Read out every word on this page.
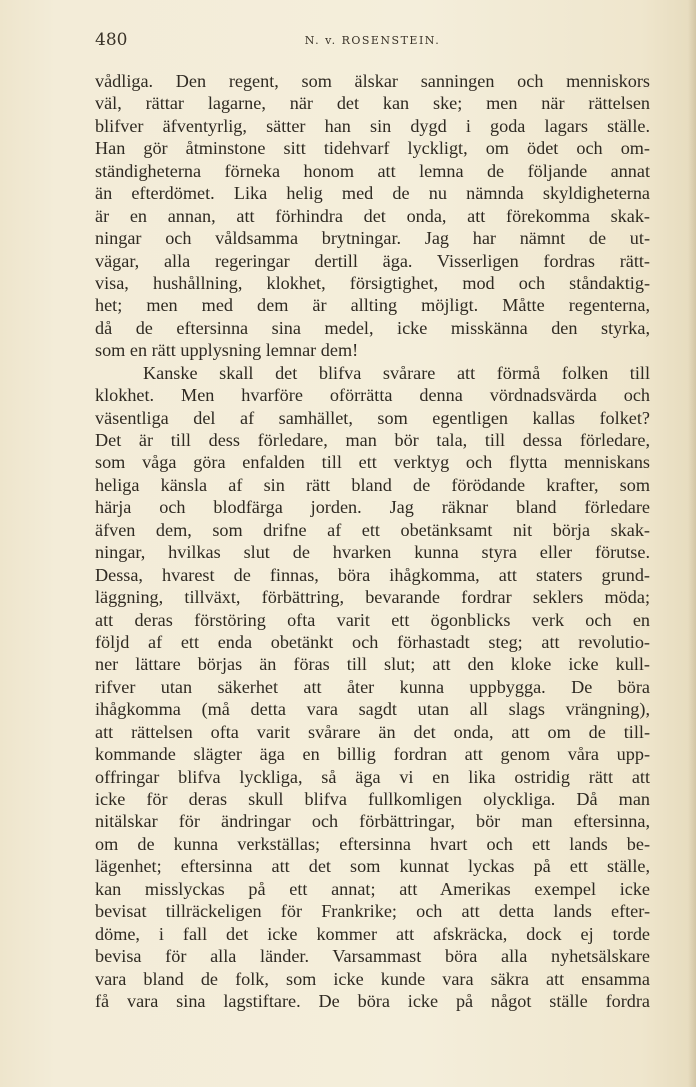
480	N. v. ROSENSTEIN.
vådliga. Den regent, som älskar sanningen och menniskors
väl, rättar lagarne, när det kan ske; men när rättelsen
blifver äfventyrlig, sätter han sin dygd i goda lagars ställe.
Han gör åtminstone sitt tidehvarf lyckligt, om ödet och om-
ständigheterna förneka honom att lemna de följande annat
än efterdömet. Lika helig med de nu nämnda skyldigheterna
är en annan, att förhindra det onda, att förekomma skak-
ningar och våldsamma brytningar. Jag har nämnt de ut-
vägar, alla regeringar dertill äga. Visserligen fordras rätt-
visa, hushållning, klokhet, försigtighet, mod och ståndaktig-
het; men med dem är allting möjligt. Måtte regenterna,
då de eftersinna sina medel, icke misskänna den styrka,
som en rätt upplysning lemnar dem!
Kanske skall det blifva svårare att förmå folken till
klokhet. Men hvarföre oförrätta denna vördnadsvärda och
väsentliga del af samhället, som egentligen kallas folket?
Det är till dess förledare, man bör tala, till dessa förledare,
som våga göra enfalden till ett verktyg och flytta menniskans
heliga känsla af sin rätt bland de förödande krafter, som
härja och blodfärga jorden. Jag räknar bland förledare
äfven dem, som drifne af ett obetänksamt nit börja skak-
ningar, hvilkas slut de hvarken kunna styra eller förutse.
Dessa, hvarest de finnas, böra ihågkomma, att staters grund-
läggning, tillväxt, förbättring, bevarande fordrar seklers möda;
att deras förstöring ofta varit ett ögonblicks verk och en
följd af ett enda obetänkt och förhastadt steg; att revolutio-
ner lättare börjas än föras till slut; att den kloke icke kull-
rifver utan säkerhet att åter kunna uppbygga. De böra
ihågkomma (må detta vara sagdt utan all slags vrängning),
att rättelsen ofta varit svårare än det onda, att om de till-
kommande slägter äga en billig fordran att genom våra upp-
offringar blifva lyckliga, så äga vi en lika ostridig rätt att
icke för deras skull blifva fullkomligen olyckliga. Då man
nitälskar för ändringar och förbättringar, bör man eftersinna,
om de kunna verkställas; eftersinna hvart och ett lands be-
lägenhet; eftersinna att det som kunnat lyckas på ett ställe,
kan misslyckas på ett annat; att Amerikas exempel icke
bevisat tillräckeligen för Frankrike; och att detta lands efter-
döme, i fall det icke kommer att afskräcka, dock ej torde
bevisa för alla länder. Varsammast böra alla nyhetsälskare
vara bland de folk, som icke kunde vara säkra att ensamma
få vara sina lagstiftare. De böra icke på något ställe fordra
